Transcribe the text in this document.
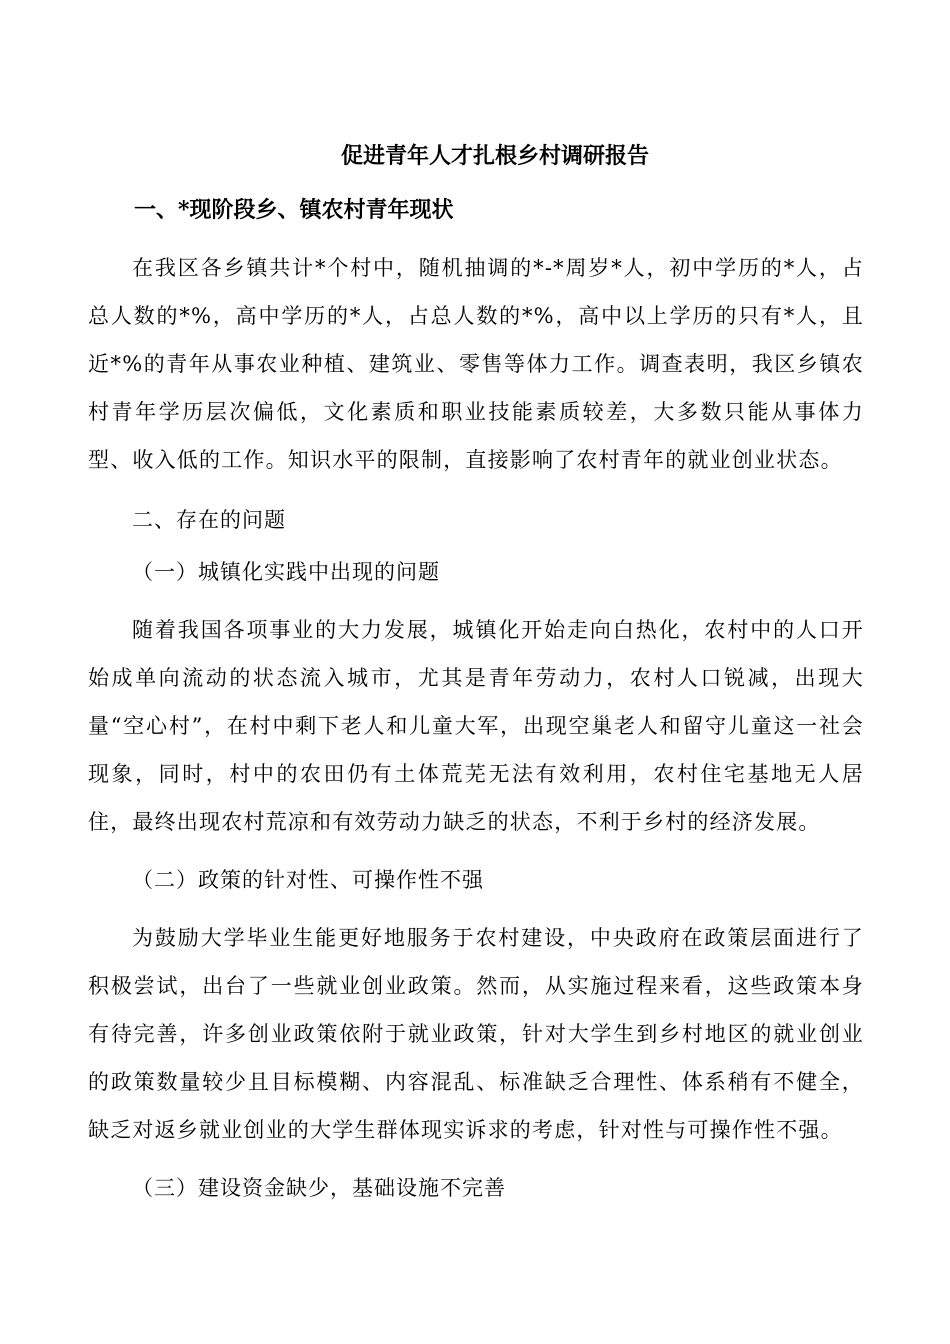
促进青年人才扎根乡村调研报告
一、*现阶段乡、镇农村青年现状

在我区各乡镇共计*个村中，随机抽调的*-*周岁*人，初中学历的*人，占总人数的*%，高中学历的*人，占总人数的*%，高中以上学历的只有*人，且近*%的青年从事农业种植、建筑业、零售等体力工作。调查表明，我区乡镇农村青年学历层次偏低，文化素质和职业技能素质较差，大多数只能从事体力型、收入低的工作。知识水平的限制，直接影响了农村青年的就业创业状态。

二、存在的问题
（一）城镇化实践中出现的问题

随着我国各项事业的大力发展，城镇化开始走向白热化，农村中的人口开始成单向流动的状态流入城市，尤其是青年劳动力，农村人口锐减，出现大量“空心村”，在村中剩下老人和儿童大军，出现空巢老人和留守儿童这一社会现象，同时，村中的农田仍有土体荒芜无法有效利用，农村住宅基地无人居住，最终出现农村荒凉和有效劳动力缺乏的状态，不利于乡村的经济发展。

（二）政策的针对性、可操作性不强

为鼓励大学毕业生能更好地服务于农村建设，中央政府在政策层面进行了积极尝试，出台了一些就业创业政策。然而，从实施过程来看，这些政策本身有待完善，许多创业政策依附于就业政策，针对大学生到乡村地区的就业创业的政策数量较少且目标模糊、内容混乱、标准缺乏合理性、体系稍有不健全，缺乏对返乡就业创业的大学生群体现实诉求的考虑，针对性与可操作性不强。

（三）建设资金缺少，基础设施不完善
